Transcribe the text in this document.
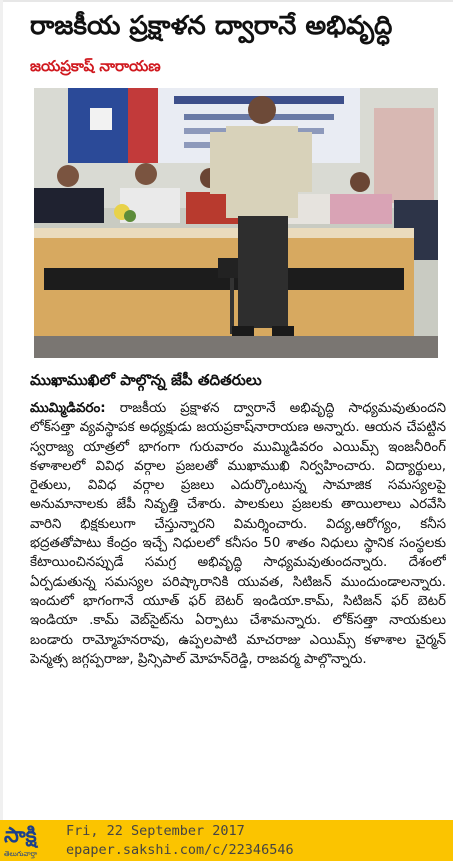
రాజకీయ ప్రక్షాళన ద్వారానే అభివృద్ధి
జయప్రకాష్‌ నారాయణ
ముఖాముఖిలో పాల్గొన్న జేపీ తదితరులు
ముమ్మిడివరం: రాజకీయ ప్రక్షాళన ద్వారానే అభివృద్ధి సాధ్యమవుతుందని లోక్‌సత్తా వ్యవస్థాపక అధ్యక్షుడు జయప్రకాష్‌నారాయణ అన్నారు. ఆయన చేపట్టిన స్వరాజ్య యాత్రలో భాగంగా గురువారం ముమ్మిడివరం ఎయిమ్స్‌ ఇంజనీరింగ్‌ కళాశాలలో వివిధ వర్గాల ప్రజలతో ముఖాముఖి నిర్వహించారు. విద్యార్థులు, రైతులు, వివిధ వర్గాల ప్రజలు ఎదుర్కొంటున్న సామాజిక సమస్యలపై అనుమానాలకు జేపీ నివృత్తి చేశారు. పాలకులు ప్రజలకు తాయిలాలు ఎరవేసి వారిని భిక్షకులుగా చేస్తున్నారని విమర్శించారు. విద్య,ఆరోగ్యం, కనీస భద్రతతోపాటు కేంద్రం ఇచ్చే నిధులలో కనీసం 50 శాతం నిధులు స్థానిక సంస్థలకు కేటాయించినప్పుడే సమగ్ర అభివృద్ధి సాధ్యమవుతుందన్నారు. దేశంలో ఏర్పడుతున్న సమస్యల పరిష్కారానికి యువత, సిటిజన్‌ ముందుండాలన్నారు. ఇందులో భాగంగానే యూత్‌ ఫర్‌ బెటర్‌ ఇండియా.కామ్‌, సిటిజన్‌ ఫర్‌ బెటర్‌ ఇండియా .కామ్‌ వెబ్‌సైట్‌ను ఏర్పాటు చేశామన్నారు. లోక్‌సత్తా నాయకులు బండారు రామ్మోహనరావు, ఉప్పలపాటి మాచరాజు ఎయిమ్స్‌ కళాశాల చైర్మన్‌ పెన్మత్స జగ్గప్పరాజు, ప్రిన్సిపాల్‌ మోహన్‌రెడ్డి, రాజవర్మ పాల్గొన్నారు.
సాక్షి
తెలుగువార్తా
Fri, 22 September 2017
epaper.sakshi.com/c/22346546
